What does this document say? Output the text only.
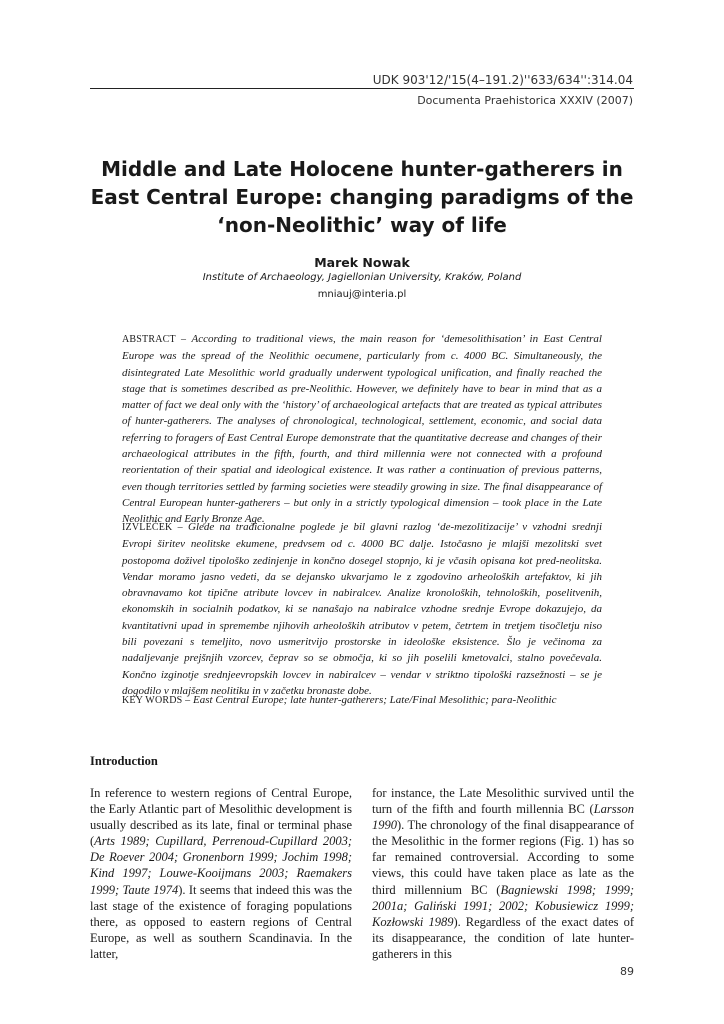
UDK 903'12/'15(4–191.2)''633/634'':314.04
Documenta Praehistorica XXXIV (2007)
Middle and Late Holocene hunter-gatherers in East Central Europe: changing paradigms of the ‘non-Neolithic’ way of life
Marek Nowak
Institute of Archaeology, Jagiellonian University, Kraków, Poland
mniauj@interia.pl
ABSTRACT – According to traditional views, the main reason for ‘demesolithisation’ in East Central Europe was the spread of the Neolithic oecumene, particularly from c. 4000 BC. Simultaneously, the disintegrated Late Mesolithic world gradually underwent typological unification, and finally reached the stage that is sometimes described as pre-Neolithic. However, we definitely have to bear in mind that as a matter of fact we deal only with the ‘history’ of archaeological artefacts that are treated as typical attributes of hunter-gatherers. The analyses of chronological, technological, settlement, economic, and social data referring to foragers of East Central Europe demonstrate that the quantitative decrease and changes of their archaeological attributes in the fifth, fourth, and third millennia were not connected with a profound reorientation of their spatial and ideological existence. It was rather a continuation of previous patterns, even though territories settled by farming societies were steadily growing in size. The final disappearance of Central European hunter-gatherers – but only in a strictly typological dimension – took place in the Late Neolithic and Early Bronze Age.
IZVLEČEK – Glede na tradicionalne poglede je bil glavni razlog ‘de-mezolitizacije’ v vzhodni srednji Evropi širitev neolitske ekumene, predvsem od c. 4000 BC dalje. Istočasno je mlajši mezolitski svet postopoma doživel tipološko zedinjenje in končno dosegel stopnjo, ki je včasih opisana kot pred-neolitska. Vendar moramo jasno vedeti, da se dejansko ukvarjamo le z zgodovino arheoloških artefaktov, ki jih obravnavamo kot tipične atribute lovcev in nabiralcev. Analize kronoloških, tehnoloških, poselitvenih, ekonomskih in socialnih podatkov, ki se nanašajo na nabiralce vzhodne srednje Evrope dokazujejo, da kvantitativni upad in spremembe njihovih arheoloških atributov v petem, četrtem in tretjem tisočletju niso bili povezani s temeljito, novo usmeritvijo prostorske in ideološke eksistence. Šlo je večinoma za nadaljevanje prejšnjih vzorcev, čeprav so se območja, ki so jih poselili kmetovalci, stalno povečevala. Končno izginotje srednjeevropskih lovcev in nabiralcev – vendar v striktno tipološki razsežnosti – se je dogodilo v mlajšem neolitiku in v začetku bronaste dobe.
KEY WORDS – East Central Europe; late hunter-gatherers; Late/Final Mesolithic; para-Neolithic
Introduction
In reference to western regions of Central Europe, the Early Atlantic part of Mesolithic development is usually described as its late, final or terminal phase (Arts 1989; Cupillard, Perrenoud-Cupillard 2003; De Roever 2004; Gronenborn 1999; Jochim 1998; Kind 1997; Louwe-Kooijmans 2003; Raemakers 1999; Taute 1974). It seems that indeed this was the last stage of the existence of foraging populations there, as opposed to eastern regions of Central Europe, as well as southern Scandinavia. In the latter,
for instance, the Late Mesolithic survived until the turn of the fifth and fourth millennia BC (Larsson 1990). The chronology of the final disappearance of the Mesolithic in the former regions (Fig. 1) has so far remained controversial. According to some views, this could have taken place as late as the third millennium BC (Bagniewski 1998; 1999; 2001a; Galiński 1991; 2002; Kobusiewicz 1999; Kozłowski 1989). Regardless of the exact dates of its disappearance, the condition of late hunter-gatherers in this
89
